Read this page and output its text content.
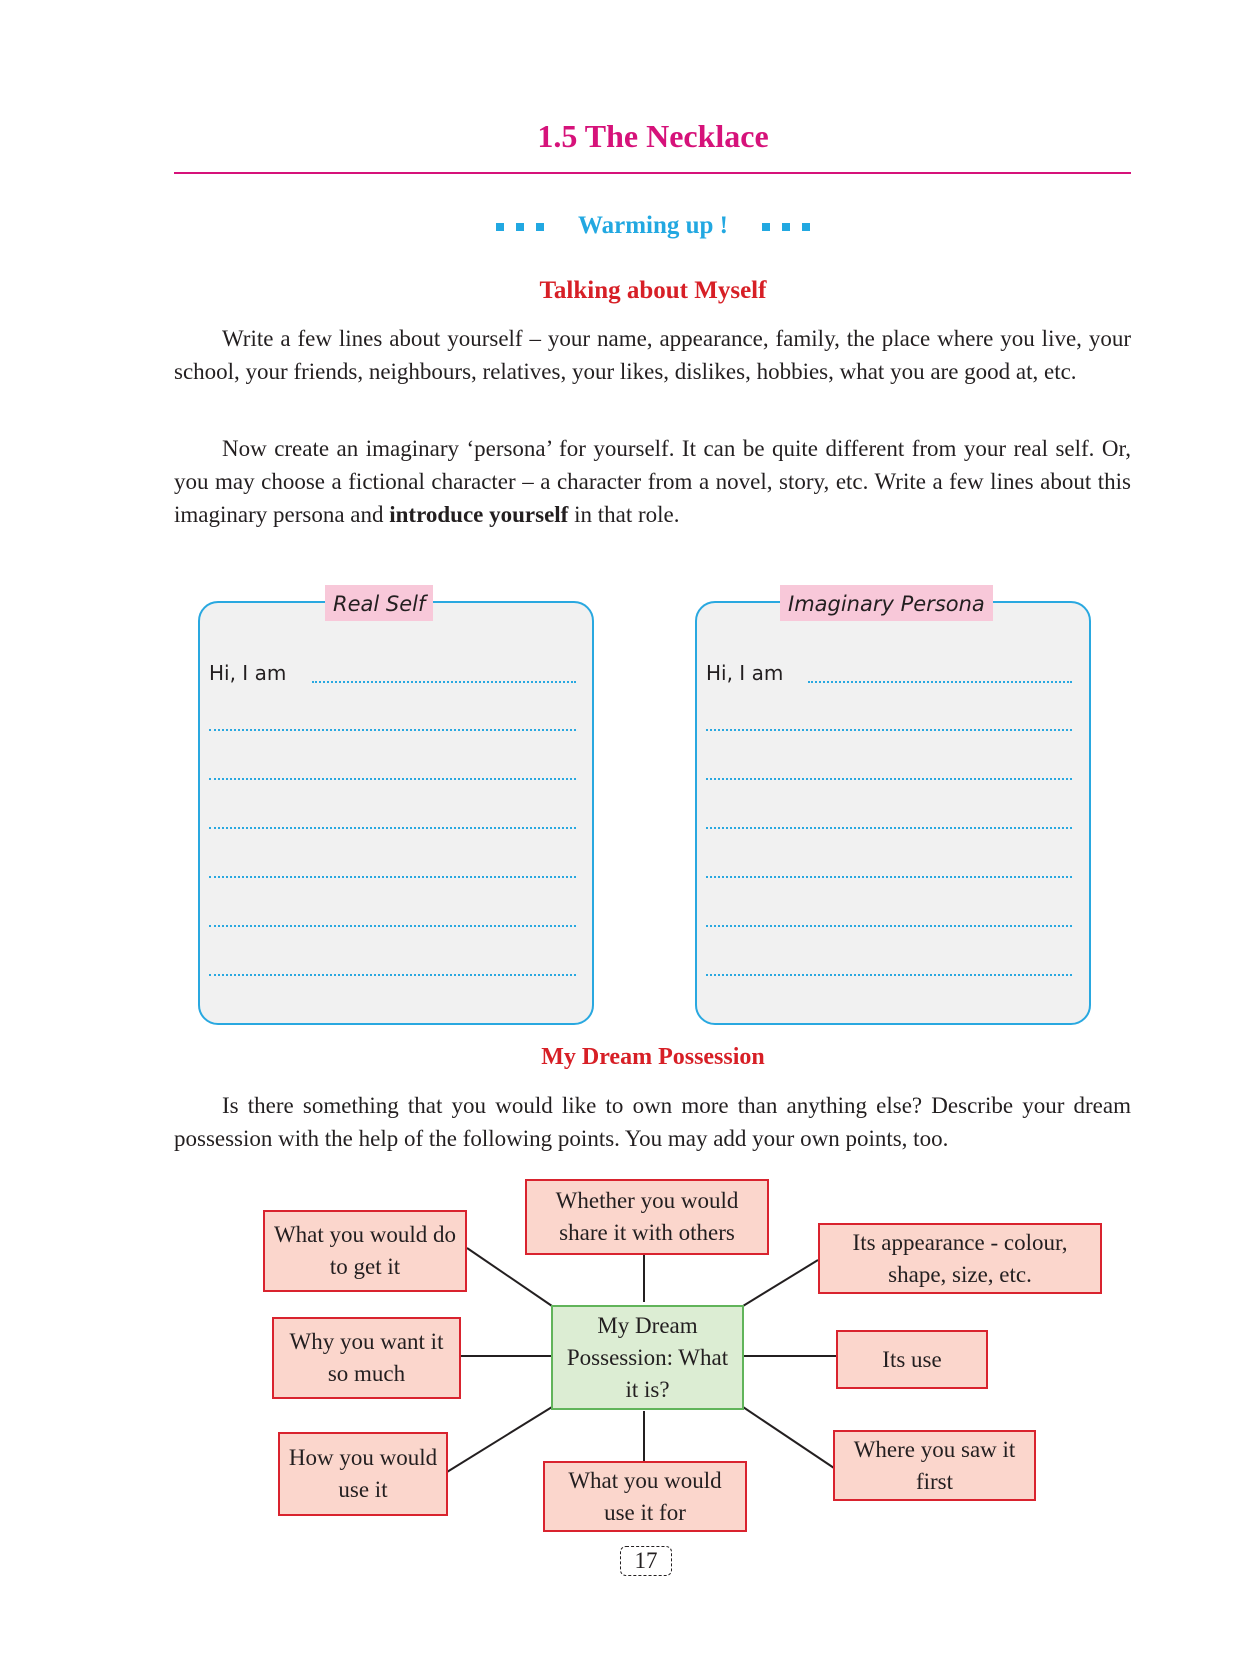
1.5 The Necklace
Warming up !
Talking about Myself

Write a few lines about yourself – your name, appearance, family, the place where you live, your school, your friends, neighbours, relatives, your likes, dislikes, hobbies, what you are good at, etc.

Now create an imaginary ‘persona’ for yourself. It can be quite different from your real self. Or, you may choose a fictional character – a character from a novel, story, etc. Write a few lines about this imaginary persona and introduce yourself in that role.

Real Self
Hi, I am
Imaginary Persona
Hi, I am
My Dream Possession

Is there something that you would like to own more than anything else? Describe your dream possession with the help of the following points. You may add your own points, too.

My Dream Possession: What it is?
Whether you would share it with others
What you would do to get it
Its appearance - colour, shape, size, etc.
Why you want it so much
Its use
How you would use it	What you would use it for
Where you saw it first
17
